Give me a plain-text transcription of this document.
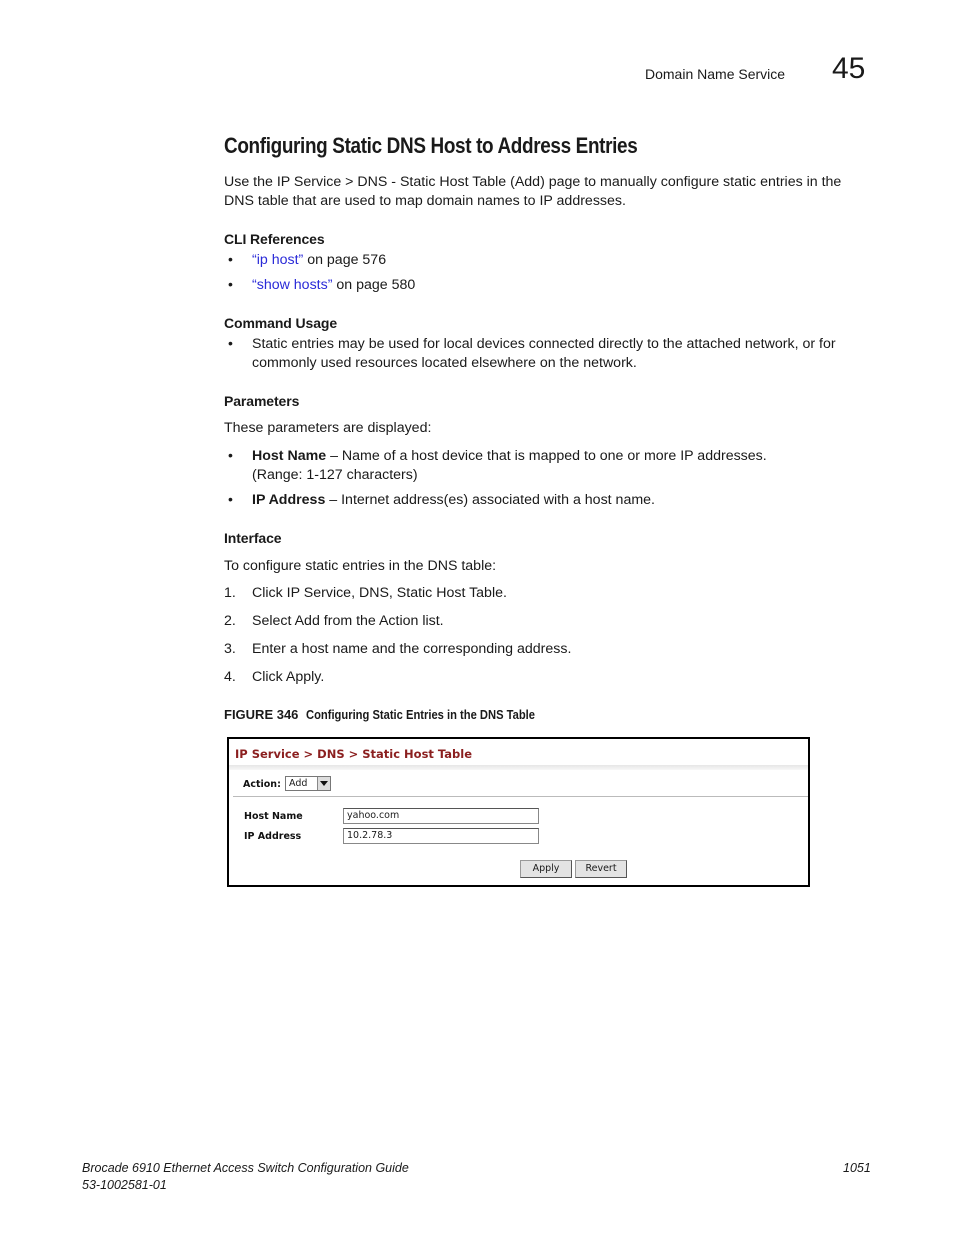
Domain Name Service 45
Configuring Static DNS Host to Address Entries
Use the IP Service > DNS - Static Host Table (Add) page to manually configure static entries in the DNS table that are used to map domain names to IP addresses.
CLI References
• “ip host” on page 576
• “show hosts” on page 580
Command Usage
• Static entries may be used for local devices connected directly to the attached network, or for commonly used resources located elsewhere on the network.
Parameters
These parameters are displayed:
• Host Name – Name of a host device that is mapped to one or more IP addresses.
(Range: 1-127 characters)
• IP Address – Internet address(es) associated with a host name.
Interface
To configure static entries in the DNS table:
1. Click IP Service, DNS, Static Host Table.
2. Select Add from the Action list.
3. Enter a host name and the corresponding address.
4. Click Apply.
FIGURE 346 Configuring Static Entries in the DNS Table
IP Service > DNS > Static Host Table
Action: Add
Host Name	yahoo.com
IP Address	10.2.78.3
Apply	Revert
Brocade 6910 Ethernet Access Switch Configuration Guide
53-1002581-01
1051
